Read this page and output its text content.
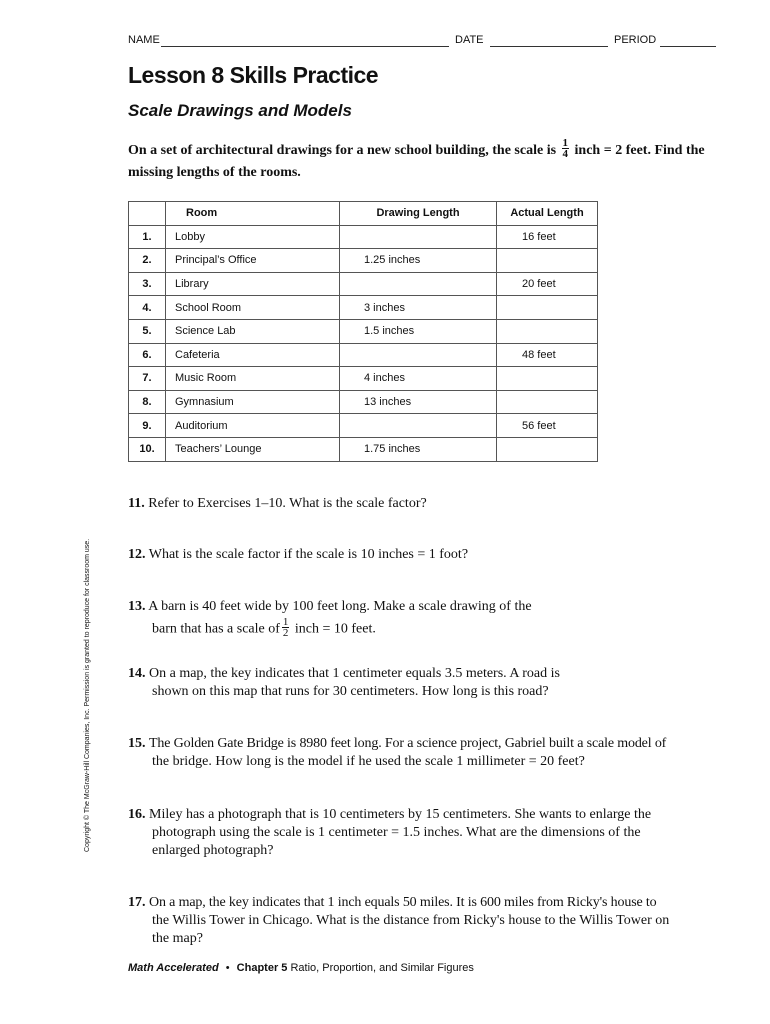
NAME	DATE	PERIOD
Lesson 8 Skills Practice
Scale Drawings and Models
On a set of architectural drawings for a new school building, the scale is $\frac{1}{4}$ inch = 2 feet. Find the missing lengths of the rooms.
	Room	Drawing Length	Actual Length
1.	Lobby		16 feet
2.	Principal’s Office	1.25 inches	
3.	Library		20 feet
4.	School Room	3 inches	
5.	Science Lab	1.5 inches	
6.	Cafeteria		48 feet
7.	Music Room	4 inches	
8.	Gymnasium	13 inches	
9.	Auditorium		56 feet
10.	Teachers’ Lounge	1.75 inches	
11. Refer to Exercises 1–10. What is the scale factor?
12. What is the scale factor if the scale is 10 inches = 1 foot?
13. A barn is 40 feet wide by 100 feet long. Make a scale drawing of the
barn that has a scale of $\frac{1}{2}$ inch = 10 feet.
14. On a map, the key indicates that 1 centimeter equals 3.5 meters. A road is
shown on this map that runs for 30 centimeters. How long is this road?
15. The Golden Gate Bridge is 8980 feet long. For a science project, Gabriel built a scale model of
the bridge. How long is the model if he used the scale 1 millimeter = 20 feet?
16. Miley has a photograph that is 10 centimeters by 15 centimeters. She wants to enlarge the
photograph using the scale is 1 centimeter = 1.5 inches. What are the dimensions of the
enlarged photograph?
17. On a map, the key indicates that 1 inch equals 50 miles. It is 600 miles from Ricky's house to
the Willis Tower in Chicago. What is the distance from Ricky's house to the Willis Tower on
the map?
Copyright © The McGraw-Hill Companies, Inc. Permission is granted to reproduce for classroom use.
Math Accelerated • Chapter 5 Ratio, Proportion, and Similar Figures
